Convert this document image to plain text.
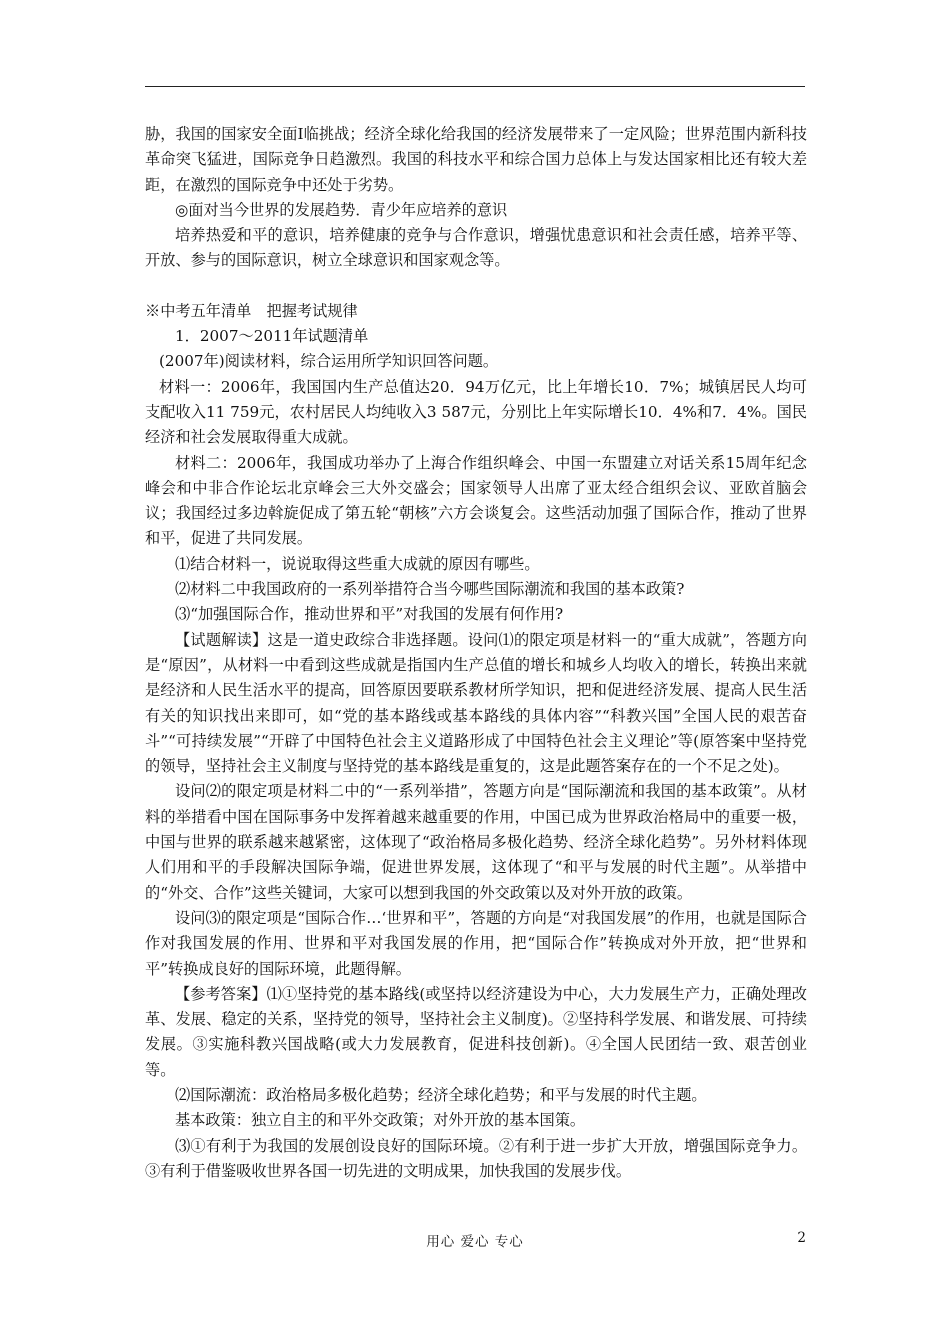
胁，我国的国家安全面Ⅰ临挑战；经济全球化给我国的经济发展带来了一定风险；世界范围内新科技革命突飞猛进，国际竞争日趋激烈。我国的科技水平和综合国力总体上与发达国家相比还有较大差距，在激烈的国际竞争中还处于劣势。

◎面对当今世界的发展趋势．青少年应培养的意识

培养热爱和平的意识，培养健康的竞争与合作意识，增强忧患意识和社会责任感，培养平等、开放、参与的国际意识，树立全球意识和国家观念等。

※中考五年清单　把握考试规律

1．2007～2011年试题清单

(2007年)阅读材料，综合运用所学知识回答问题。

材料一：2006年，我国国内生产总值达20．94万亿元，比上年增长10．7%；城镇居民人均可支配收入11 759元，农村居民人均纯收入3 587元，分别比上年实际增长10．4%和7．4%。国民经济和社会发展取得重大成就。

材料二：2006年，我国成功举办了上海合作组织峰会、中国一东盟建立对话关系15周年纪念峰会和中非合作论坛北京峰会三大外交盛会；国家领导人出席了亚太经合组织会议、亚欧首脑会议；我国经过多边斡旋促成了第五轮“朝核”六方会谈复会。这些活动加强了国际合作，推动了世界和平，促进了共同发展。

⑴结合材料一，说说取得这些重大成就的原因有哪些。

⑵材料二中我国政府的一系列举措符合当今哪些国际潮流和我国的基本政策?

⑶“加强国际合作，推动世界和平”对我国的发展有何作用?

【试题解读】这是一道史政综合非选择题。设问⑴的限定项是材料一的“重大成就”，答题方向是“原因”，从材料一中看到这些成就是指国内生产总值的增长和城乡人均收入的增长，转换出来就是经济和人民生活水平的提高，回答原因要联系教材所学知识，把和促进经济发展、提高人民生活有关的知识找出来即可，如“党的基本路线或基本路线的具体内容”“科教兴国”全国人民的艰苦奋斗”“可持续发展”“开辟了中国特色社会主义道路形成了中国特色社会主义理论”等(原答案中坚持党的领导，坚持社会主义制度与坚持党的基本路线是重复的，这是此题答案存在的一个不足之处)。

设问⑵的限定项是材料二中的“一系列举措”，答题方向是“国际潮流和我国的基本政策”。从材料的举措看中国在国际事务中发挥着越来越重要的作用，中国已成为世界政治格局中的重要一极，中国与世界的联系越来越紧密，这体现了“政治格局多极化趋势、经济全球化趋势”。另外材料体现人们用和平的手段解决国际争端，促进世界发展，这体现了“和平与发展的时代主题”。从举措中的“外交、合作”这些关键词，大家可以想到我国的外交政策以及对外开放的政策。

设问⑶的限定项是“国际合作…‘世界和平”，答题的方向是“对我国发展”的作用，也就是国际合作对我国发展的作用、世界和平对我国发展的作用，把“国际合作”转换成对外开放，把“世界和平”转换成良好的国际环境，此题得解。

【参考答案】⑴①坚持党的基本路线(或坚持以经济建设为中心，大力发展生产力，正确处理改革、发展、稳定的关系，坚持党的领导，坚持社会主义制度)。②坚持科学发展、和谐发展、可持续发展。③实施科教兴国战略(或大力发展教育，促进科技创新)。④全国人民团结一致、艰苦创业等。

⑵国际潮流：政治格局多极化趋势；经济全球化趋势；和平与发展的时代主题。

基本政策：独立自主的和平外交政策；对外开放的基本国策。

⑶①有利于为我国的发展创设良好的国际环境。②有利于进一步扩大开放，增强国际竞争力。③有利于借鉴吸收世界各国一切先进的文明成果，加快我国的发展步伐。

用心 爱心 专心	2
